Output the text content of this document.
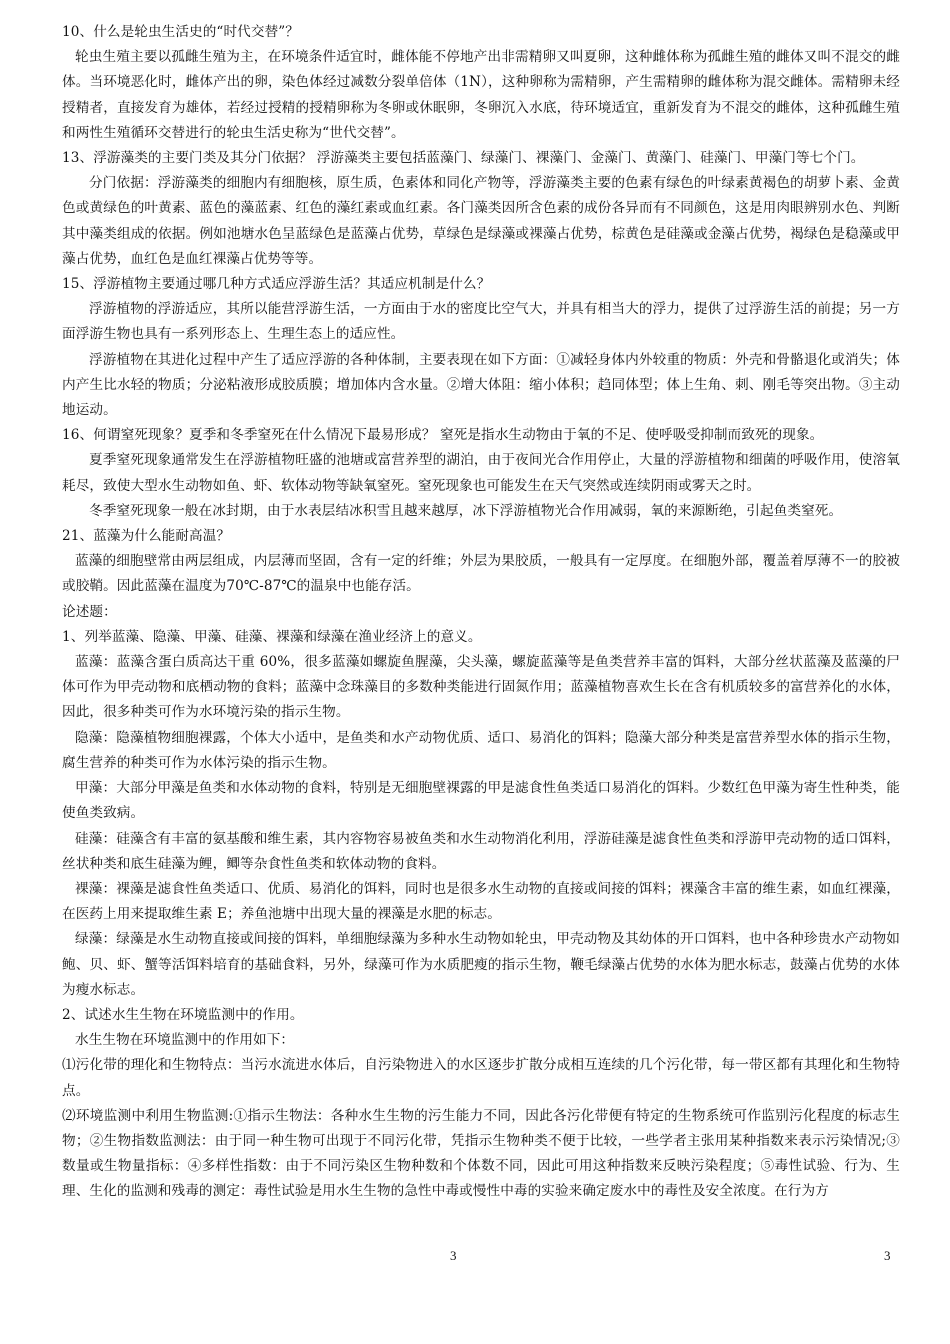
10、什么是轮虫生活史的“时代交替”？

轮虫生殖主要以孤雌生殖为主，在环境条件适宜时，雌体能不停地产出非需精卵又叫夏卵，这种雌体称为孤雌生殖的雌体又叫不混交的雌体。当环境恶化时，雌体产出的卵，染色体经过减数分裂单倍体（1N），这种卵称为需精卵，产生需精卵的雌体称为混交雌体。需精卵未经授精者，直接发育为雄体，若经过授精的授精卵称为冬卵或休眠卵，冬卵沉入水底，待环境适宜，重新发育为不混交的雌体，这种孤雌生殖和两性生殖循环交替进行的轮虫生活史称为“世代交替”。

13、浮游藻类的主要门类及其分门依据？ 浮游藻类主要包括蓝藻门、绿藻门、裸藻门、金藻门、黄藻门、硅藻门、甲藻门等七个门。

分门依据：浮游藻类的细胞内有细胞核，原生质，色素体和同化产物等，浮游藻类主要的色素有绿色的叶绿素黄褐色的胡萝卜素、金黄色或黄绿色的叶黄素、蓝色的藻蓝素、红色的藻红素或血红素。各门藻类因所含色素的成份各异而有不同颜色，这是用肉眼辨别水色、判断其中藻类组成的依据。例如池塘水色呈蓝绿色是蓝藻占优势，草绿色是绿藻或裸藻占优势，棕黄色是硅藻或金藻占优势，褐绿色是稳藻或甲藻占优势，血红色是血红裸藻占优势等等。

15、浮游植物主要通过哪几种方式适应浮游生活？其适应机制是什么？

浮游植物的浮游适应，其所以能营浮游生活，一方面由于水的密度比空气大，并具有相当大的浮力，提供了过浮游生活的前提；另一方面浮游生物也具有一系列形态上、生理生态上的适应性。

浮游植物在其进化过程中产生了适应浮游的各种体制，主要表现在如下方面：①减轻身体内外较重的物质：外壳和骨骼退化或消失；体内产生比水轻的物质；分泌粘液形成胶质膜；增加体内含水量。②增大体阻：缩小体积；趋同体型；体上生角、刺、刚毛等突出物。③主动地运动。

16、何谓窒死现象？夏季和冬季窒死在什么情况下最易形成？ 窒死是指水生动物由于氧的不足、使呼吸受抑制而致死的现象。

夏季窒死现象通常发生在浮游植物旺盛的池塘或富营养型的湖泊，由于夜间光合作用停止，大量的浮游植物和细菌的呼吸作用，使溶氧耗尽，致使大型水生动物如鱼、虾、软体动物等缺氧窒死。窒死现象也可能发生在天气突然或连续阴雨或雾天之时。

冬季窒死现象一般在冰封期，由于水表层结冰积雪且越来越厚，冰下浮游植物光合作用减弱，氧的来源断绝，引起鱼类窒死。

21、蓝藻为什么能耐高温？

蓝藻的细胞壁常由两层组成，内层薄而坚固，含有一定的纤维；外层为果胶质，一般具有一定厚度。在细胞外部，覆盖着厚薄不一的胶被或胶鞘。因此蓝藻在温度为70℃-87℃的温泉中也能存活。

论述题：

1、列举蓝藻、隐藻、甲藻、硅藻、裸藻和绿藻在渔业经济上的意义。

蓝藻：蓝藻含蛋白质高达干重 60%，很多蓝藻如螺旋鱼腥藻，尖头藻，螺旋蓝藻等是鱼类营养丰富的饵料，大部分丝状蓝藻及蓝藻的尸体可作为甲壳动物和底栖动物的食料；蓝藻中念珠藻目的多数种类能进行固氮作用；蓝藻植物喜欢生长在含有机质较多的富营养化的水体，因此，很多种类可作为水环境污染的指示生物。

隐藻：隐藻植物细胞裸露，个体大小适中，是鱼类和水产动物优质、适口、易消化的饵料；隐藻大部分种类是富营养型水体的指示生物，腐生营养的种类可作为水体污染的指示生物。

甲藻：大部分甲藻是鱼类和水体动物的食料，特别是无细胞壁裸露的甲是滤食性鱼类适口易消化的饵料。少数红色甲藻为寄生性种类，能使鱼类致病。

硅藻：硅藻含有丰富的氨基酸和维生素，其内容物容易被鱼类和水生动物消化利用，浮游硅藻是滤食性鱼类和浮游甲壳动物的适口饵料，丝状种类和底生硅藻为鲤，鲫等杂食性鱼类和软体动物的食料。

裸藻：裸藻是滤食性鱼类适口、优质、易消化的饵料，同时也是很多水生动物的直接或间接的饵料；裸藻含丰富的维生素，如血红裸藻，在医药上用来提取维生素 E；养鱼池塘中出现大量的裸藻是水肥的标志。

绿藻：绿藻是水生动物直接或间接的饵料，单细胞绿藻为多种水生动物如轮虫，甲壳动物及其幼体的开口饵料，也中各种珍贵水产动物如鲍、贝、虾、蟹等活饵料培育的基础食料，另外，绿藻可作为水质肥瘦的指示生物，鞭毛绿藻占优势的水体为肥水标志，鼓藻占优势的水体为瘦水标志。

2、试述水生生物在环境监测中的作用。

水生生物在环境监测中的作用如下：

⑴污化带的理化和生物特点：当污水流进水体后，自污染物进入的水区逐步扩散分成相互连续的几个污化带，每一带区都有其理化和生物特点。

⑵环境监测中利用生物监测:①指示生物法：各种水生生物的污生能力不同，因此各污化带便有特定的生物系统可作监别污化程度的标志生物；②生物指数监测法：由于同一种生物可出现于不同污化带，凭指示生物种类不便于比较，一些学者主张用某种指数来表示污染情况;③数量或生物量指标：④多样性指数：由于不同污染区生物种数和个体数不同，因此可用这种指数来反映污染程度；⑤毒性试验、行为、生理、生化的监测和残毒的测定：毒性试验是用水生生物的急性中毒或慢性中毒的实验来确定废水中的毒性及安全浓度。在行为方

3	3
